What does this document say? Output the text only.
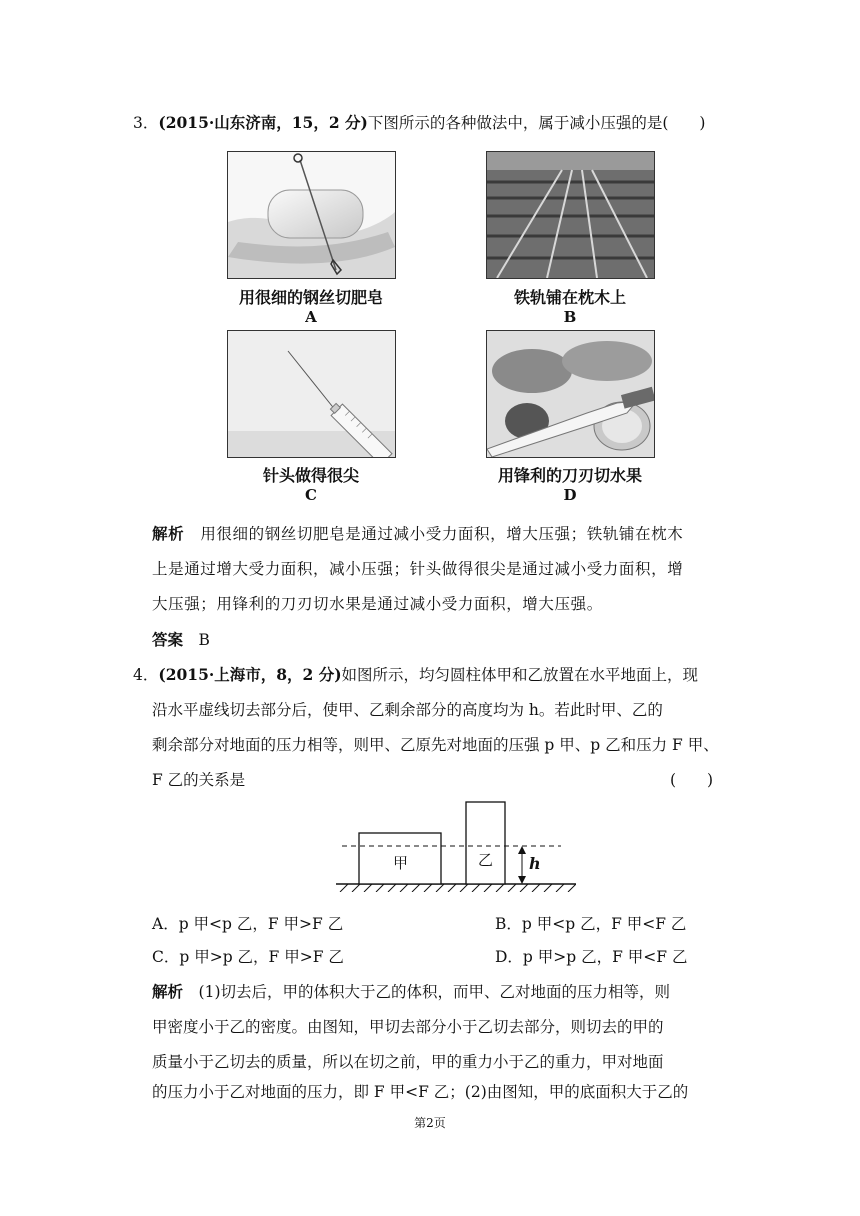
3．(2015·山东济南，15，2 分)下图所示的各种做法中，属于减小压强的是(　　)
用很细的钢丝切肥皂
A
铁轨铺在枕木上
B
针头做得很尖
C
用锋利的刀刃切水果
D
解析　 用很细的钢丝切肥皂是通过减小受力面积，增大压强；铁轨铺在枕木
上是通过增大受力面积，减小压强；针头做得很尖是通过减小受力面积，增
大压强；用锋利的刀刃切水果是通过减小受力面积，增大压强。
答案　 B
4．(2015·上海市，8，2 分)如图所示，均匀圆柱体甲和乙放置在水平地面上，现
沿水平虚线切去部分后，使甲、乙剩余部分的高度均为 h。若此时甲、乙的
剩余部分对地面的压力相等，则甲、乙原先对地面的压强 p 甲、p 乙和压力 F 甲、
F 乙的关系是	(　　)
甲	乙 h
A．p 甲<p 乙，F 甲>F 乙	B．p 甲<p 乙，F 甲<F 乙
C．p 甲>p 乙，F 甲>F 乙	D．p 甲>p 乙，F 甲<F 乙
解析　 (1)切去后，甲的体积大于乙的体积，而甲、乙对地面的压力相等，则
甲密度小于乙的密度。由图知，甲切去部分小于乙切去部分，则切去的甲的
质量小于乙切去的质量，所以在切之前，甲的重力小于乙的重力，甲对地面
的压力小于乙对地面的压力，即 F 甲<F 乙；(2)由图知，甲的底面积大于乙的
第2页
